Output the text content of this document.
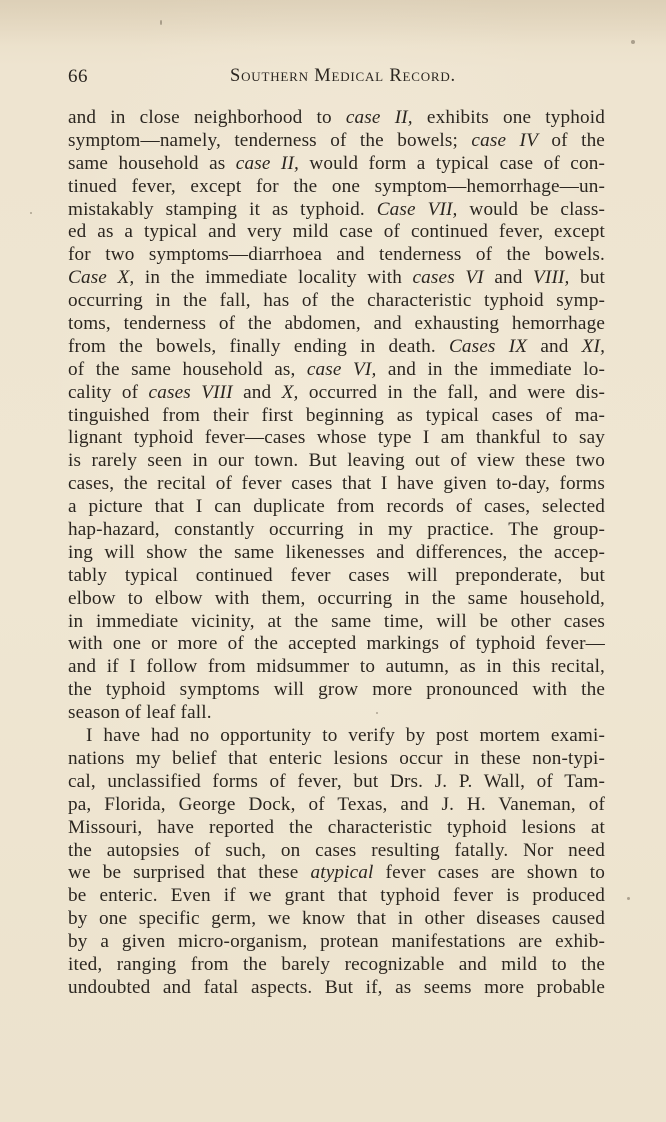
66	Southern Medical Record.
and in close neighborhood to case II, exhibits one typhoid
symptom—namely, tenderness of the bowels; case IV of the
same household as case II, would form a typical case of con-
tinued fever, except for the one symptom—hemorrhage—un-
mistakably stamping it as typhoid. Case VII, would be class-
ed as a typical and very mild case of continued fever, except
for two symptoms—diarrhoea and tenderness of the bowels.
Case X, in the immediate locality with cases VI and VIII, but
occurring in the fall, has of the characteristic typhoid symp-
toms, tenderness of the abdomen, and exhausting hemorrhage
from the bowels, finally ending in death. Cases IX and XI,
of the same household as, case VI, and in the immediate lo-
cality of cases VIII and X, occurred in the fall, and were dis-
tinguished from their first beginning as typical cases of ma-
lignant typhoid fever—cases whose type I am thankful to say
is rarely seen in our town. But leaving out of view these two
cases, the recital of fever cases that I have given to-day, forms
a picture that I can duplicate from records of cases, selected
hap-hazard, constantly occurring in my practice. The group-
ing will show the same likenesses and differences, the accep-
tably typical continued fever cases will preponderate, but
elbow to elbow with them, occurring in the same household,
in immediate vicinity, at the same time, will be other cases
with one or more of the accepted markings of typhoid fever—
and if I follow from midsummer to autumn, as in this recital,
the typhoid symptoms will grow more pronounced with the
season of leaf fall.
I have had no opportunity to verify by post mortem exami-
nations my belief that enteric lesions occur in these non-typi-
cal, unclassified forms of fever, but Drs. J. P. Wall, of Tam-
pa, Florida, George Dock, of Texas, and J. H. Vaneman, of
Missouri, have reported the characteristic typhoid lesions at
the autopsies of such, on cases resulting fatally. Nor need
we be surprised that these atypical fever cases are shown to
be enteric. Even if we grant that typhoid fever is produced
by one specific germ, we know that in other diseases caused
by a given micro-organism, protean manifestations are exhib-
ited, ranging from the barely recognizable and mild to the
undoubted and fatal aspects. But if, as seems more probable
